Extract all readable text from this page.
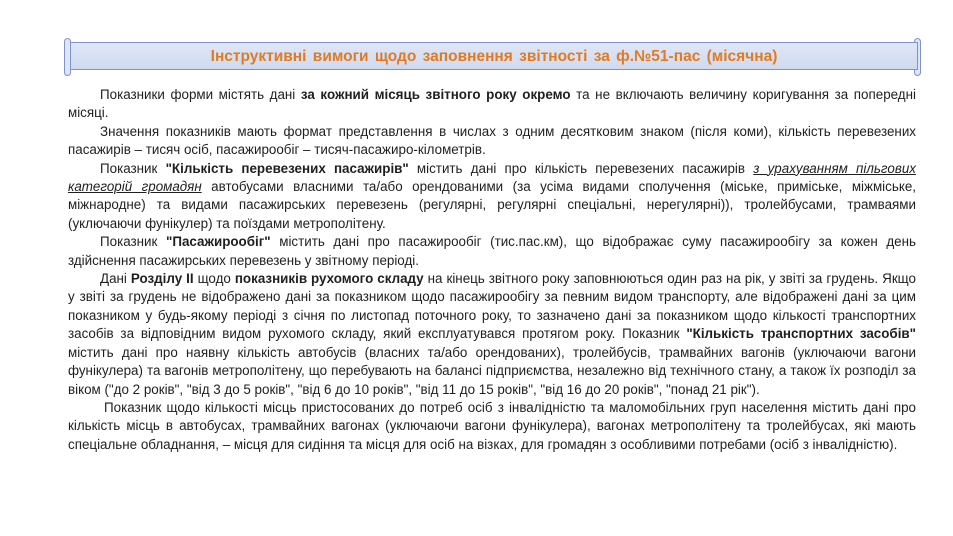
Інструктивні вимоги щодо заповнення звітності за ф.№51-пас (місячна)

Показники форми містять дані за кожний місяць звітного року окремо та не включають величину коригування за попередні місяці.

Значення показників мають формат представлення в числах з одним десятковим знаком (після коми), кількість перевезених пасажирів – тисяч осіб, пасажирообіг – тисяч-пасажиро-кілометрів.

Показник "Кількість перевезених пасажирів" містить дані про кількість перевезених пасажирів з урахуванням пільгових категорій громадян автобусами власними та/або орендованими (за усіма видами сполучення (міське, приміське, міжміське, міжнародне) та видами пасажирських перевезень (регулярні, регулярні спеціальні, нерегулярні)), тролейбусами, трамваями (уключаючи фунікулер) та поїздами метрополітену.

Показник "Пасажирообіг" містить дані про пасажирообіг (тис.пас.км), що відображає суму пасажирообігу за кожен день здійснення пасажирських перевезень у звітному періоді.

Дані Розділу II щодо показників рухомого складу на кінець звітного року заповнюються один раз на рік, у звіті за грудень. Якщо у звіті за грудень не відображено дані за показником щодо пасажирообігу за певним видом транспорту, але відображені дані за цим показником у будь-якому періоді з січня по листопад поточного року, то зазначено дані за показником щодо кількості транспортних засобів за відповідним видом рухомого складу, який експлуатувався протягом року. Показник "Кількість транспортних засобів" містить дані про наявну кількість автобусів (власних та/або орендованих), тролейбусів, трамвайних вагонів (уключаючи вагони фунікулера) та вагонів метрополітену, що перебувають на балансі підприємства, незалежно від технічного стану, а також їх розподіл за віком ("до 2 років", "від 3 до 5 років", "від 6 до 10 років", "від 11 до 15 років", "від 16 до 20 років", "понад 21 рік").

Показник щодо кількості місць пристосованих до потреб осіб з інвалідністю та маломобільних груп населення містить дані про кількість місць в автобусах, трамвайних вагонах (уключаючи вагони фунікулера), вагонах метрополітену та тролейбусах, які мають спеціальне обладнання, – місця для сидіння та місця для осіб на візках, для громадян з особливими потребами (осіб з інвалідністю).
